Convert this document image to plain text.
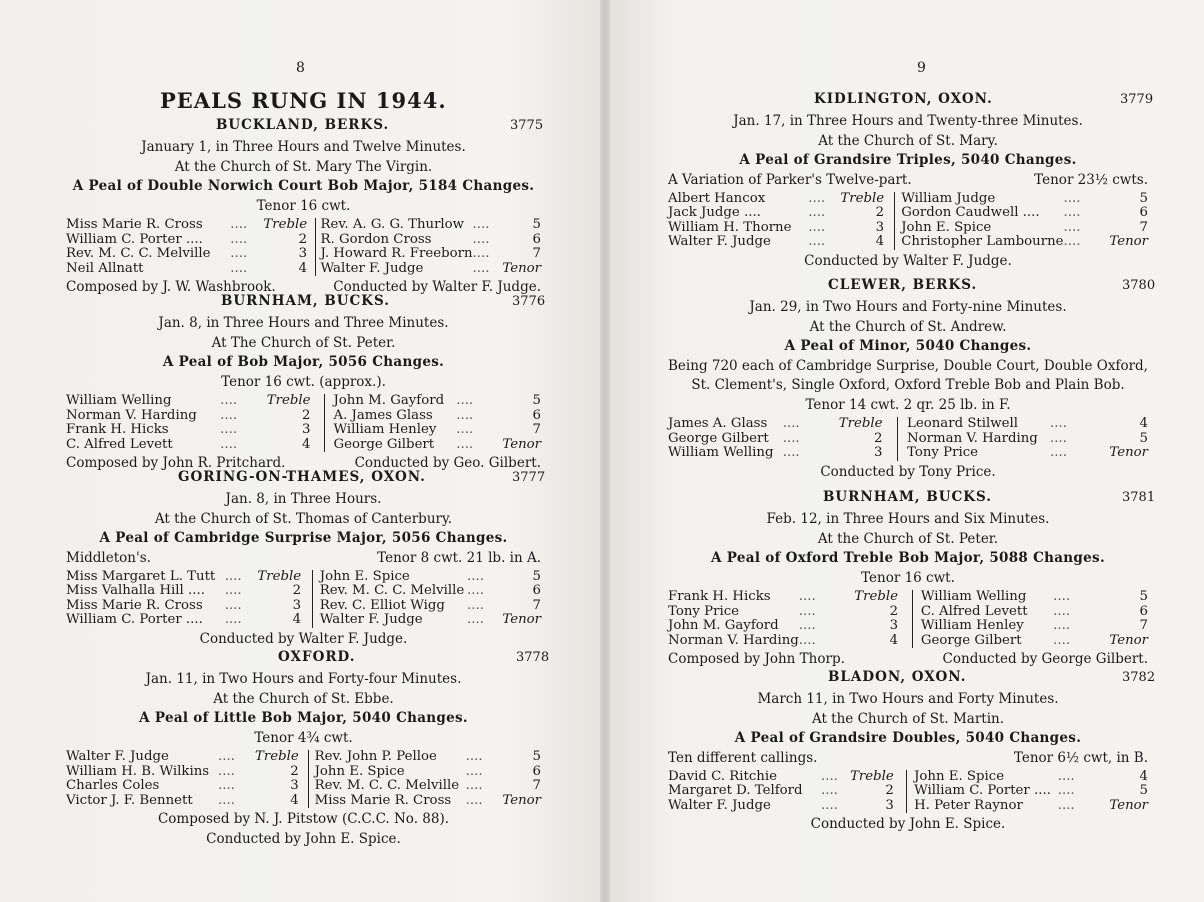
8
PEALS RUNG IN 1944.
BUCKLAND, BERKS.	3775
January 1, in Three Hours and Twelve Minutes.
At the Church of St. Mary The Virgin.
A Peal of Double Norwich Court Bob Major, 5184 Changes.
Tenor 16 cwt.
Miss Marie R. Cross	....	Treble			Rev. A. G. G. Thurlow	....		5
William C. Porter ....	....	2			R. Gordon Cross	....		6
Rev. M. C. C. Melville	....	3			J. Howard R. Freeborn	....		7
Neil Allnatt	....	4			Walter F. Judge	....		Tenor
Composed by J. W. Washbrook.	Conducted by Walter F. Judge.
BURNHAM, BUCKS.	3776
Jan. 8, in Three Hours and Three Minutes.
At The Church of St. Peter.
A Peal of Bob Major, 5056 Changes.
Tenor 16 cwt. (approx.).
William Welling	....	Treble			John M. Gayford	....		5
Norman V. Harding	....	2			A. James Glass	....		6
Frank H. Hicks	....	3			William Henley	....		7
C. Alfred Levett	....	4			George Gilbert	....		Tenor
Composed by John R. Pritchard.	Conducted by Geo. Gilbert.
GORING-ON-THAMES, OXON.	3777
Jan. 8, in Three Hours.
At the Church of St. Thomas of Canterbury.
A Peal of Cambridge Surprise Major, 5056 Changes.
Middleton's.	Tenor 8 cwt. 21 lb. in A.
Miss Margaret L. Tutt	....	Treble			John E. Spice	....		5
Miss Valhalla Hill ....	....	2			Rev. M. C. C. Melville	....		6
Miss Marie R. Cross	....	3			Rev. C. Elliot Wigg	....		7
William C. Porter ....	....	4			Walter F. Judge	....		Tenor
Conducted by Walter F. Judge.
OXFORD.	3778
Jan. 11, in Two Hours and Forty-four Minutes.
At the Church of St. Ebbe.
A Peal of Little Bob Major, 5040 Changes.
Tenor 4¾ cwt.
Walter F. Judge	....	Treble			Rev. John P. Pelloe	....		5
William H. B. Wilkins	....	2			John E. Spice	....		6
Charles Coles	....	3			Rev. M. C. C. Melville	....		7
Victor J. F. Bennett	....	4			Miss Marie R. Cross	....		Tenor
Composed by N. J. Pitstow (C.C.C. No. 88).
Conducted by John E. Spice.
9
KIDLINGTON, OXON.	3779
Jan. 17, in Three Hours and Twenty-three Minutes.
At the Church of St. Mary.
A Peal of Grandsire Triples, 5040 Changes.
A Variation of Parker's Twelve-part.	Tenor 23½ cwts.
Albert Hancox	....	Treble			William Judge	....		5
Jack Judge ....	....	2			Gordon Caudwell ....	....		6
William H. Thorne	....	3			John E. Spice	....		7
Walter F. Judge	....	4			Christopher Lambourne	....		Tenor
Conducted by Walter F. Judge.
CLEWER, BERKS.	3780
Jan. 29, in Two Hours and Forty-nine Minutes.
At the Church of St. Andrew.
A Peal of Minor, 5040 Changes.
Being 720 each of Cambridge Surprise, Double Court, Double Oxford,
St. Clement's, Single Oxford, Oxford Treble Bob and Plain Bob.
Tenor 14 cwt. 2 qr. 25 lb. in F.
James A. Glass	....	Treble			Leonard Stilwell	....		4
George Gilbert	....	2			Norman V. Harding	....		5
William Welling	....	3			Tony Price	....		Tenor
Conducted by Tony Price.
BURNHAM, BUCKS.	3781
Feb. 12, in Three Hours and Six Minutes.
At the Church of St. Peter.
A Peal of Oxford Treble Bob Major, 5088 Changes.
Tenor 16 cwt.
Frank H. Hicks	....	Treble			William Welling	....		5
Tony Price	....	2			C. Alfred Levett	....		6
John M. Gayford	....	3			William Henley	....		7
Norman V. Harding	....	4			George Gilbert	....		Tenor
Composed by John Thorp.	Conducted by George Gilbert.
BLADON, OXON.	3782
March 11, in Two Hours and Forty Minutes.
At the Church of St. Martin.
A Peal of Grandsire Doubles, 5040 Changes.
Ten different callings.	Tenor 6½ cwt, in B.
David C. Ritchie	....	Treble			John E. Spice	....		4
Margaret D. Telford	....	2			William C. Porter ....	....		5
Walter F. Judge	....	3			H. Peter Raynor	....		Tenor
Conducted by John E. Spice.
